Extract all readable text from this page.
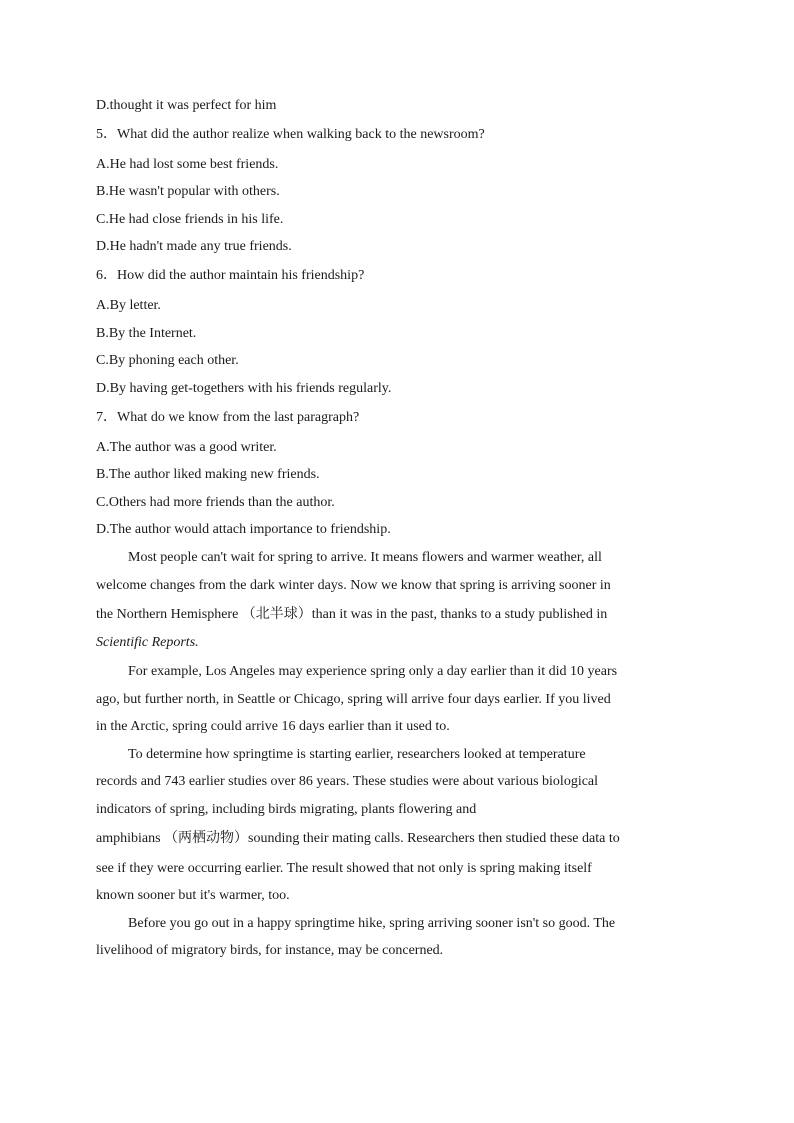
D.thought it was perfect for him
5．What did the author realize when walking back to the newsroom?
A.He had lost some best friends.
B.He wasn't popular with others.
C.He had close friends in his life.
D.He hadn't made any true friends.
6．How did the author maintain his friendship?
A.By letter.
B.By the Internet.
C.By phoning each other.
D.By having get-togethers with his friends regularly.
7．What do we know from the last paragraph?
A.The author was a good writer.
B.The author liked making new friends.
C.Others had more friends than the author.
D.The author would attach importance to friendship.
Most people can't wait for spring to arrive. It means flowers and warmer weather, all
welcome changes from the dark winter days. Now we know that spring is arriving sooner in
the Northern Hemisphere （北半球）than it was in the past, thanks to a study published in
Scientific Reports.
For example, Los Angeles may experience spring only a day earlier than it did 10 years
ago, but further north, in Seattle or Chicago, spring will arrive four days earlier. If you lived
in the Arctic, spring could arrive 16 days earlier than it used to.
To determine how springtime is starting earlier, researchers looked at temperature
records and 743 earlier studies over 86 years. These studies were about various biological
indicators of spring, including birds migrating, plants flowering and
amphibians （两栖动物）sounding their mating calls. Researchers then studied these data to
see if they were occurring earlier. The result showed that not only is spring making itself
known sooner but it's warmer, too.
Before you go out in a happy springtime hike, spring arriving sooner isn't so good. The
livelihood of migratory birds, for instance, may be concerned.
